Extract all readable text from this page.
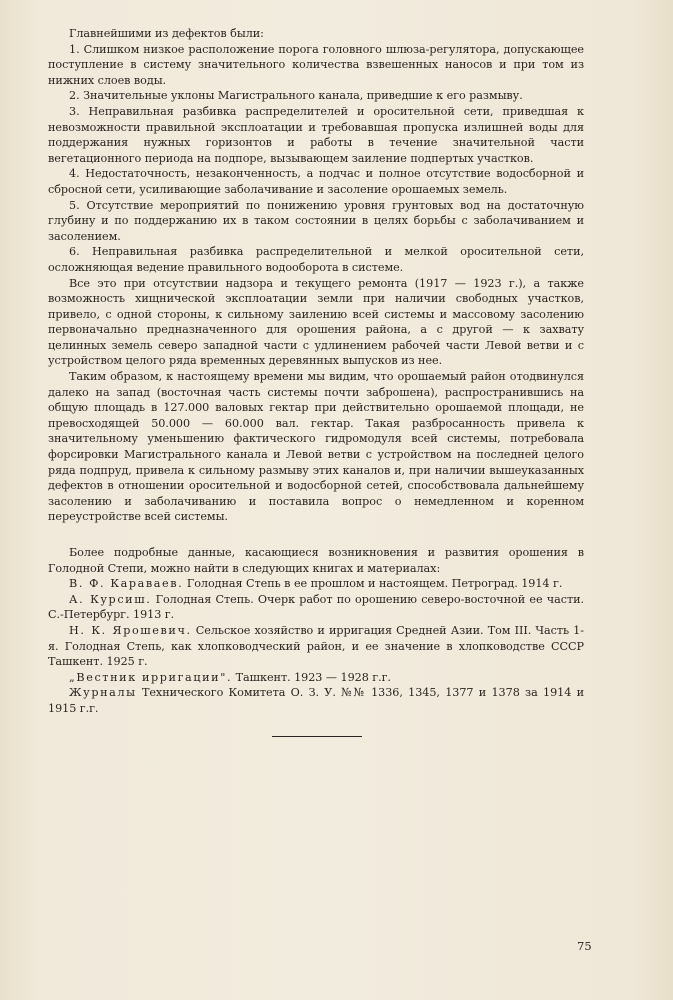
Главнейшими из дефектов были:

1. Слишком низкое расположение порога головного шлюза-регулятора, допускающее поступление в систему значительного количества взвешенных наносов и при том из нижних слоев воды.

2. Значительные уклоны Магистрального канала, приведшие к его размыву.

3. Неправильная разбивка распределителей и оросительной сети, приведшая к невозможности правильной эксплоатации и требовавшая пропуска излишней воды для поддержания нужных горизонтов и работы в течение значительной части вегетационного периода на подпоре, вызывающем заиление подпертых участков.

4. Недостаточность, незаконченность, а подчас и полное отсутствие водосборной и сбросной сети, усиливающие заболачивание и засоление орошаемых земель.

5. Отсутствие мероприятий по понижению уровня грунтовых вод на достаточную глубину и по поддержанию их в таком состоянии в целях борьбы с заболачиванием и засолением.

6. Неправильная разбивка распределительной и мелкой оросительной сети, осложняющая ведение правильного водооборота в системе.

Все это при отсутствии надзора и текущего ремонта (1917 — 1923 г.), а также возможность хищнической эксплоатации земли при наличии свободных участков, привело, с одной стороны, к сильному заилению всей системы и массовому засолению первоначально предназначенного для орошения района, а с другой — к захвату целинных земель северо западной части с удлинением рабочей части Левой ветви и с устройством целого ряда временных деревянных выпусков из нее.

Таким образом, к настоящему времени мы видим, что орошаемый район отодвинулся далеко на запад (восточная часть системы почти заброшена), распространившись на общую площадь в 127.000 валовых гектар при действительно орошаемой площади, не превосходящей 50.000 — 60.000 вал. гектар. Такая разбросанность привела к значительному уменьшению фактического гидромодуля всей системы, потребовала форсировки Магистрального канала и Левой ветви с устройством на последней целого ряда подпруд, привела к сильному размыву этих каналов и, при наличии вышеуказанных дефектов в отношении оросительной и водосборной сетей, способствовала дальнейшему засолению и заболачиванию и поставила вопрос о немедленном и коренном переустройстве всей системы.

Более подробные данные, касающиеся возникновения и развития орошения в Голодной Степи, можно найти в следующих книгах и материалах:

В. Ф. Караваев. Голодная Степь в ее прошлом и настоящем. Петроград. 1914 г.

А. Курсиш. Голодная Степь. Очерк работ по орошению северо-восточной ее части. С.-Петербург. 1913 г.

Н. К. Ярошевич. Сельское хозяйство и ирригация Средней Азии. Том III. Часть 1-я. Голодная Степь, как хлопководческий район, и ее значение в хлопководстве СССР Ташкент. 1925 г.

„Вестник ирригации". Ташкент. 1923 — 1928 г.г.

Журналы Технического Комитета О. З. У. №№ 1336, 1345, 1377 и 1378 за 1914 и 1915 г.г.

75
